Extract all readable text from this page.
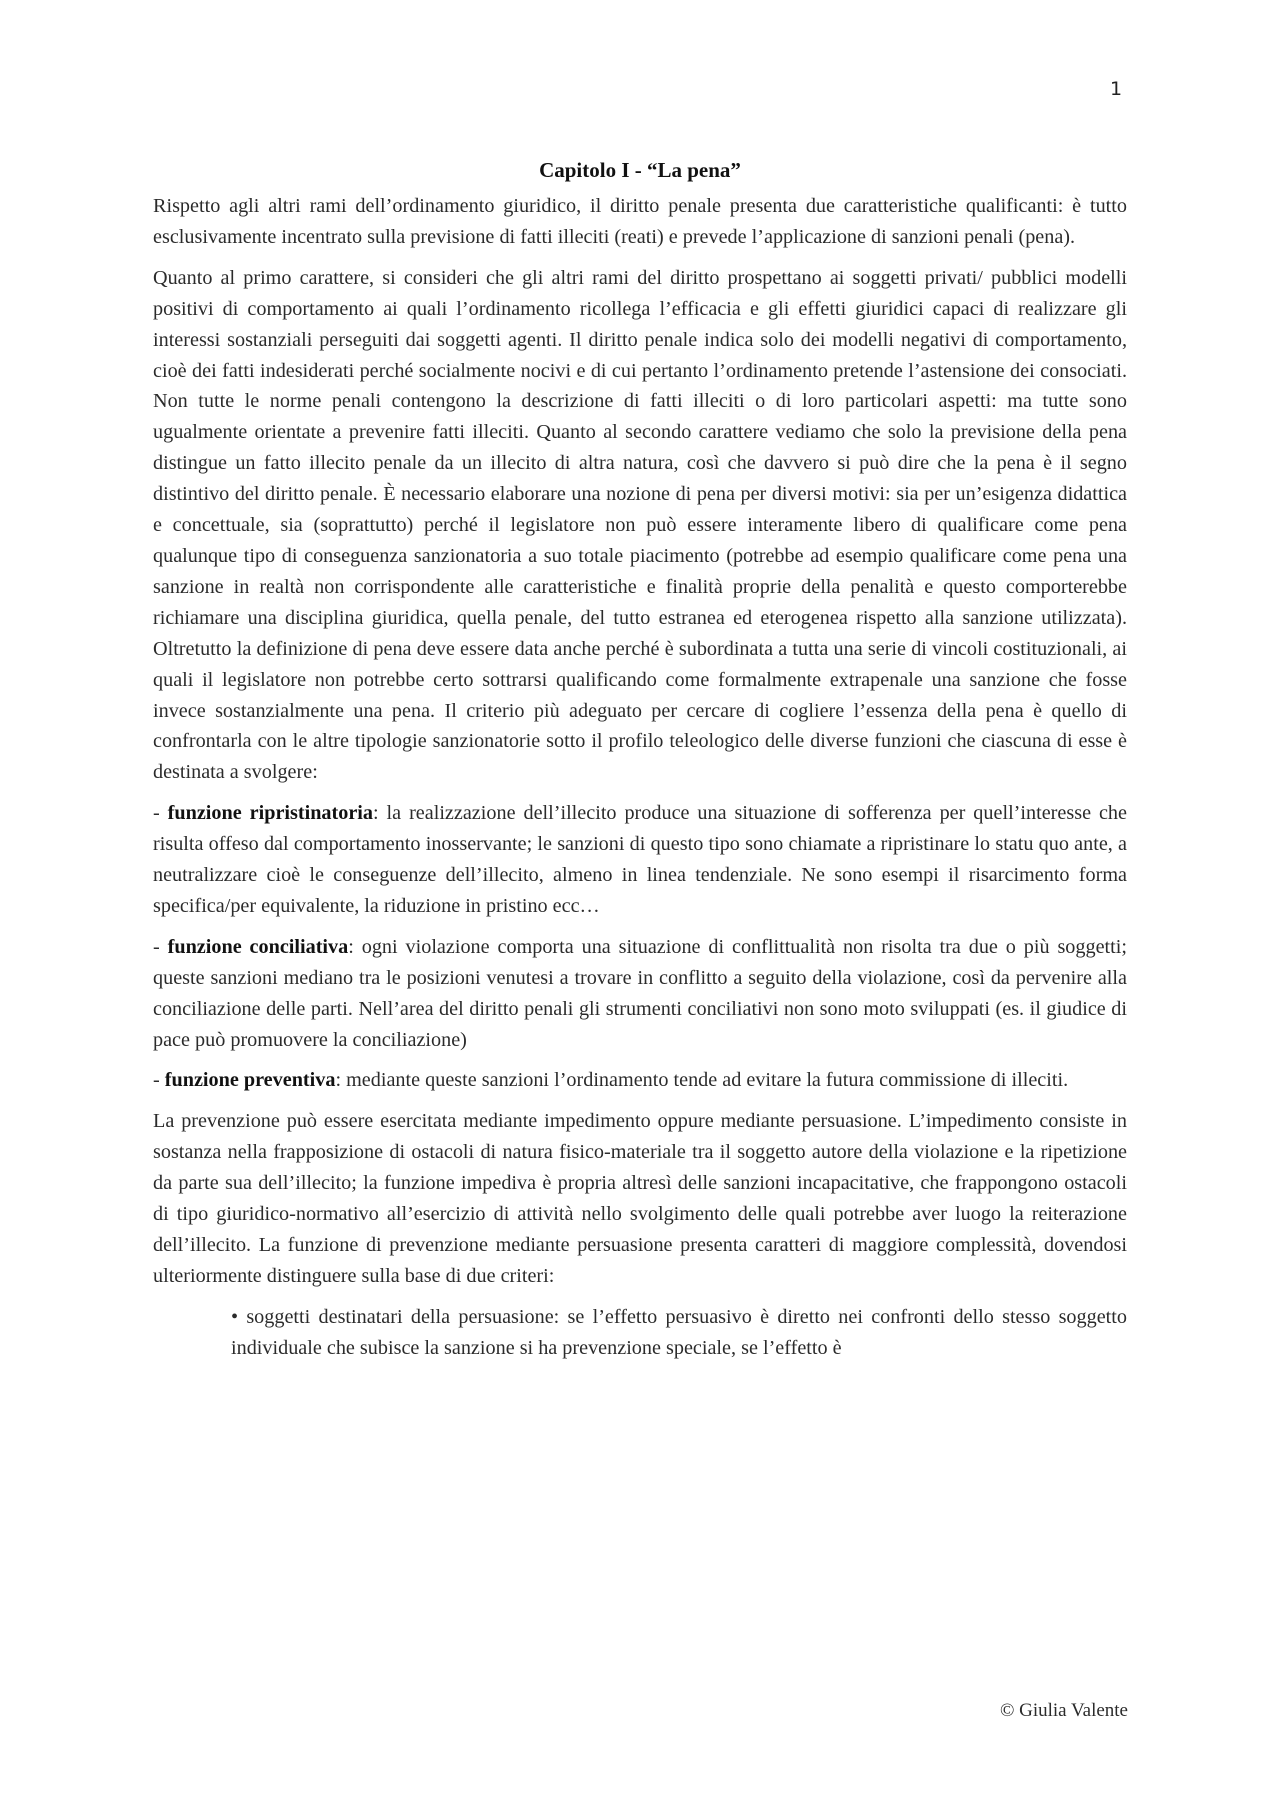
1
Capitolo I - “La pena”

Rispetto agli altri rami dell’ordinamento giuridico, il diritto penale presenta due caratteristiche qualificanti: è tutto esclusivamente incentrato sulla previsione di fatti illeciti (reati) e prevede l’applicazione di sanzioni penali (pena).

Quanto al primo carattere, si consideri che gli altri rami del diritto prospettano ai soggetti privati/ pubblici modelli positivi di comportamento ai quali l’ordinamento ricollega l’efficacia e gli effetti giuridici capaci di realizzare gli interessi sostanziali perseguiti dai soggetti agenti. Il diritto penale indica solo dei modelli negativi di comportamento, cioè dei fatti indesiderati perché socialmente nocivi e di cui pertanto l’ordinamento pretende l’astensione dei consociati. Non tutte le norme penali contengono la descrizione di fatti illeciti o di loro particolari aspetti: ma tutte sono ugualmente orientate a prevenire fatti illeciti. Quanto al secondo carattere vediamo che solo la previsione della pena distingue un fatto illecito penale da un illecito di altra natura, così che davvero si può dire che la pena è il segno distintivo del diritto penale. È necessario elaborare una nozione di pena per diversi motivi: sia per un’esigenza didattica e concettuale, sia (soprattutto) perché il legislatore non può essere interamente libero di qualificare come pena qualunque tipo di conseguenza sanzionatoria a suo totale piacimento (potrebbe ad esempio qualificare come pena una sanzione in realtà non corrispondente alle caratteristiche e finalità proprie della penalità e questo comporterebbe richiamare una disciplina giuridica, quella penale, del tutto estranea ed eterogenea rispetto alla sanzione utilizzata). Oltretutto la definizione di pena deve essere data anche perché è subordinata a tutta una serie di vincoli costituzionali, ai quali il legislatore non potrebbe certo sottrarsi qualificando come formalmente extrapenale una sanzione che fosse invece sostanzialmente una pena. Il criterio più adeguato per cercare di cogliere l’essenza della pena è quello di confrontarla con le altre tipologie sanzionatorie sotto il profilo teleologico delle diverse funzioni che ciascuna di esse è destinata a svolgere:

- funzione ripristinatoria: la realizzazione dell’illecito produce una situazione di sofferenza per quell’interesse che risulta offeso dal comportamento inosservante; le sanzioni di questo tipo sono chiamate a ripristinare lo statu quo ante, a neutralizzare cioè le conseguenze dell’illecito, almeno in linea tendenziale. Ne sono esempi il risarcimento forma specifica/per equivalente, la riduzione in pristino ecc…

- funzione conciliativa: ogni violazione comporta una situazione di conflittualità non risolta tra due o più soggetti; queste sanzioni mediano tra le posizioni venutesi a trovare in conflitto a seguito della violazione, così da pervenire alla conciliazione delle parti. Nell’area del diritto penali gli strumenti conciliativi non sono moto sviluppati (es. il giudice di pace può promuovere la conciliazione)

- funzione preventiva: mediante queste sanzioni l’ordinamento tende ad evitare la futura commissione di illeciti.

La prevenzione può essere esercitata mediante impedimento oppure mediante persuasione. L’impedimento consiste in sostanza nella frapposizione di ostacoli di natura fisico-materiale tra il soggetto autore della violazione e la ripetizione da parte sua dell’illecito; la funzione impediva è propria altresì delle sanzioni incapacitative, che frappongono ostacoli di tipo giuridico-normativo all’esercizio di attività nello svolgimento delle quali potrebbe aver luogo la reiterazione dell’illecito. La funzione di prevenzione mediante persuasione presenta caratteri di maggiore complessità, dovendosi ulteriormente distinguere sulla base di due criteri:

• soggetti destinatari della persuasione: se l’effetto persuasivo è diretto nei confronti dello stesso soggetto individuale che subisce la sanzione si ha prevenzione speciale, se l’effetto è

© Giulia Valente
